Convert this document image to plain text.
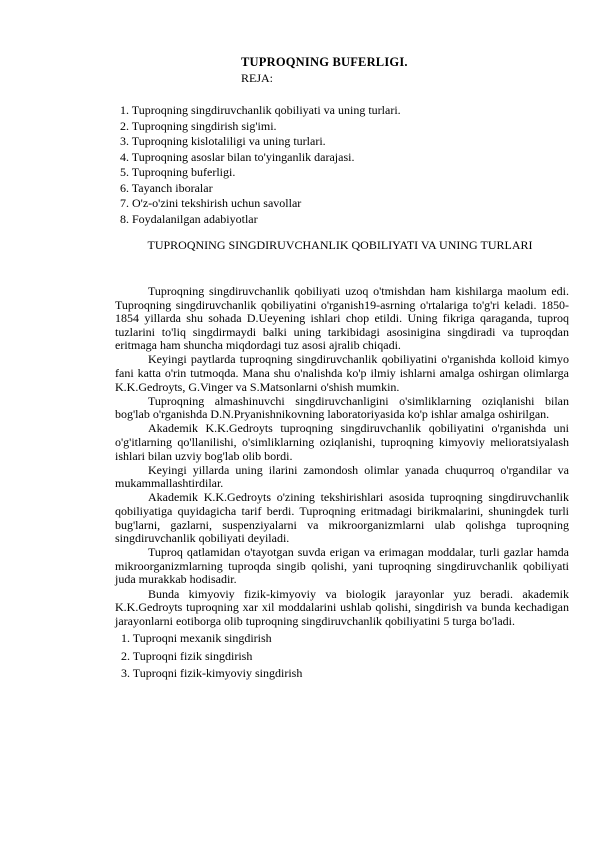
TUPROQNING BUFERLIGI.
REJA:
1. Tuproqning singdiruvchanlik qobiliyati va uning turlari.
2. Tuproqning singdirish sig'imi.
3. Tuproqning kislotaliligi va uning turlari.
4. Tuproqning asoslar bilan to'yinganlik darajasi.
5. Tuproqning buferligi.
6. Tayanch iboralar
7. O'z-o'zini tekshirish uchun savollar
8. Foydalanilgan adabiyotlar
TUPROQNING SINGDIRUVCHANLIK QOBILIYATI VA UNING TURLARI

Tuproqning singdiruvchanlik qobiliyati uzoq o'tmishdan ham kishilarga maolum edi. Tuproqning singdiruvchanlik qobiliyatini o'rganish19-asrning o'rtalariga to'g'ri keladi. 1850-1854 yillarda shu sohada D.Ueyening ishlari chop etildi. Uning fikriga qaraganda, tuproq tuzlarini to'liq singdirmaydi balki uning tarkibidagi asosinigina singdiradi va tuproqdan eritmaga ham shuncha miqdordagi tuz asosi ajralib chiqadi.

Keyingi paytlarda tuproqning singdiruvchanlik qobiliyatini o'rganishda kolloid kimyo fani katta o'rin tutmoqda. Mana shu o'nalishda ko'p ilmiy ishlarni amalga oshirgan olimlarga K.K.Gedroyts, G.Vinger va S.Matsonlarni o'shish mumkin.

Tuproqning almashinuvchi singdiruvchanligini o'simliklarning oziqlanishi bilan bog'lab o'rganishda D.N.Pryanishnikovning laboratoriyasida ko'p ishlar amalga oshirilgan.

Akademik K.K.Gedroyts tuproqning singdiruvchanlik qobiliyatini o'rganishda uni o'g'itlarning qo'llanilishi, o'simliklarning oziqlanishi, tuproqning kimyoviy melioratsiyalash ishlari bilan uzviy bog'lab olib bordi.

Keyingi yillarda uning ilarini zamondosh olimlar yanada chuqurroq o'rgandilar va mukammallashtirdilar.

Akademik K.K.Gedroyts o'zining tekshirishlari asosida tuproqning singdiruvchanlik qobiliyatiga quyidagicha tarif berdi. Tuproqning eritmadagi birikmalarini, shuningdek turli bug'larni, gazlarni, suspenziyalarni va mikroorganizmlarni ulab qolishga tuproqning singdiruvchanlik qobiliyati deyiladi.

Tuproq qatlamidan o'tayotgan suvda erigan va erimagan moddalar, turli gazlar hamda mikroorganizmlarning tuproqda singib qolishi, yani tuproqning singdiruvchanlik qobiliyati juda murakkab hodisadir.

Bunda kimyoviy fizik-kimyoviy va biologik jarayonlar yuz beradi. akademik K.K.Gedroyts tuproqning xar xil moddalarini ushlab qolishi, singdirish va bunda kechadigan jarayonlarni eotiborga olib tuproqning singdiruvchanlik qobiliyatini 5 turga bo'ladi.

1. Tuproqni mexanik singdirish
2. Tuproqni fizik singdirish
3. Tuproqni fizik-kimyoviy singdirish
